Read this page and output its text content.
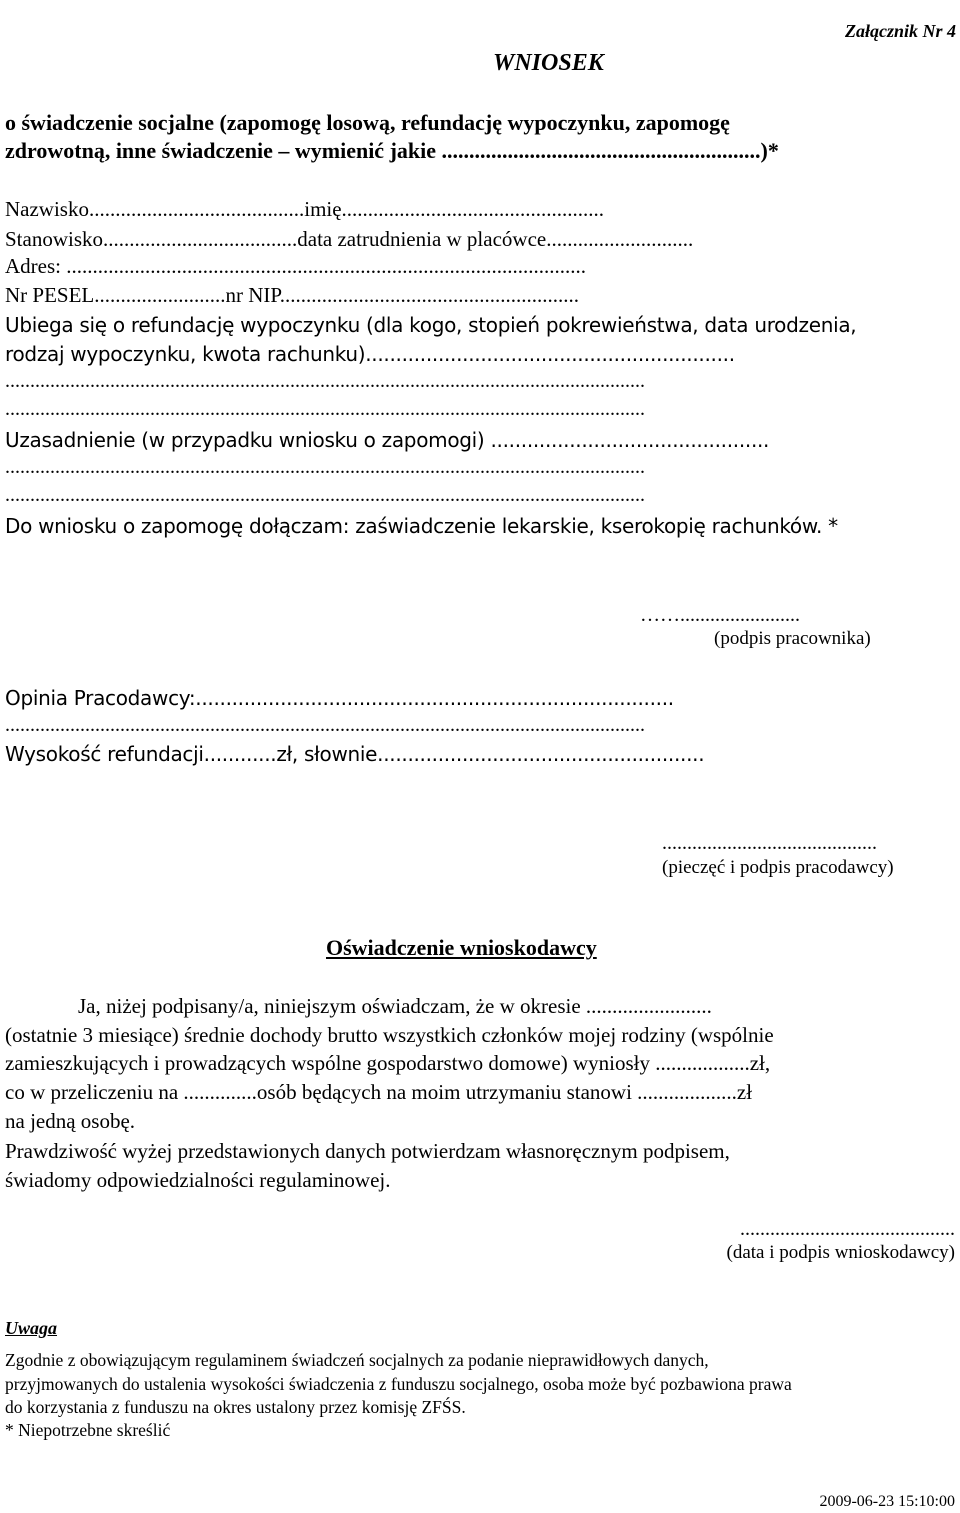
Załącznik Nr 4

WNIOSEK
o świadczenie socjalne (zapomogę losową, refundację wypoczynku, zapomogę
zdrowotną, inne świadczenie – wymienić jakie ..........................................................)*
Nazwisko.........................................imię..................................................
Stanowisko.....................................data zatrudnienia w placówce............................
Adres: ...................................................................................................
Nr PESEL.........................nr NIP.........................................................
Ubiega się o refundację wypoczynku (dla kogo, stopień pokrewieństwa, data urodzenia,
rodzaj wypoczynku, kwota rachunku).............................................................
................................................................................................................................
................................................................................................................................
Uzasadnienie (w przypadku wniosku o zapomogi) ..............................................
................................................................................................................................
................................................................................................................................
Do wniosku o zapomogę dołączam: zaświadczenie lekarskie, kserokopię rachunków. *
……........................
(podpis pracownika)
Opinia Pracodawcy:...............................................................................
................................................................................................................................
Wysokość refundacji............zł, słownie......................................................
...........................................
(pieczęć i podpis pracodawcy)
Oświadczenie wnioskodawcy
Ja, niżej podpisany/a, niniejszym oświadczam, że w okresie ........................
(ostatnie 3 miesiące) średnie dochody brutto wszystkich członków mojej rodziny (wspólnie
zamieszkujących i prowadzących wspólne gospodarstwo domowe) wyniosły ..................zł,
co w przeliczeniu na ..............osób będących na moim utrzymaniu stanowi ...................zł
na jedną osobę.
Prawdziwość wyżej przedstawionych danych potwierdzam własnoręcznym podpisem,
świadomy odpowiedzialności regulaminowej.
...........................................
(data i podpis wnioskodawcy)
Uwaga
Zgodnie z obowiązującym regulaminem świadczeń socjalnych za podanie nieprawidłowych danych,
przyjmowanych do ustalenia wysokości świadczenia z funduszu socjalnego, osoba może być pozbawiona prawa
do korzystania z funduszu na okres ustalony przez komisję ZFŚS.
* Niepotrzebne skreślić
2009-06-23 15:10:00
